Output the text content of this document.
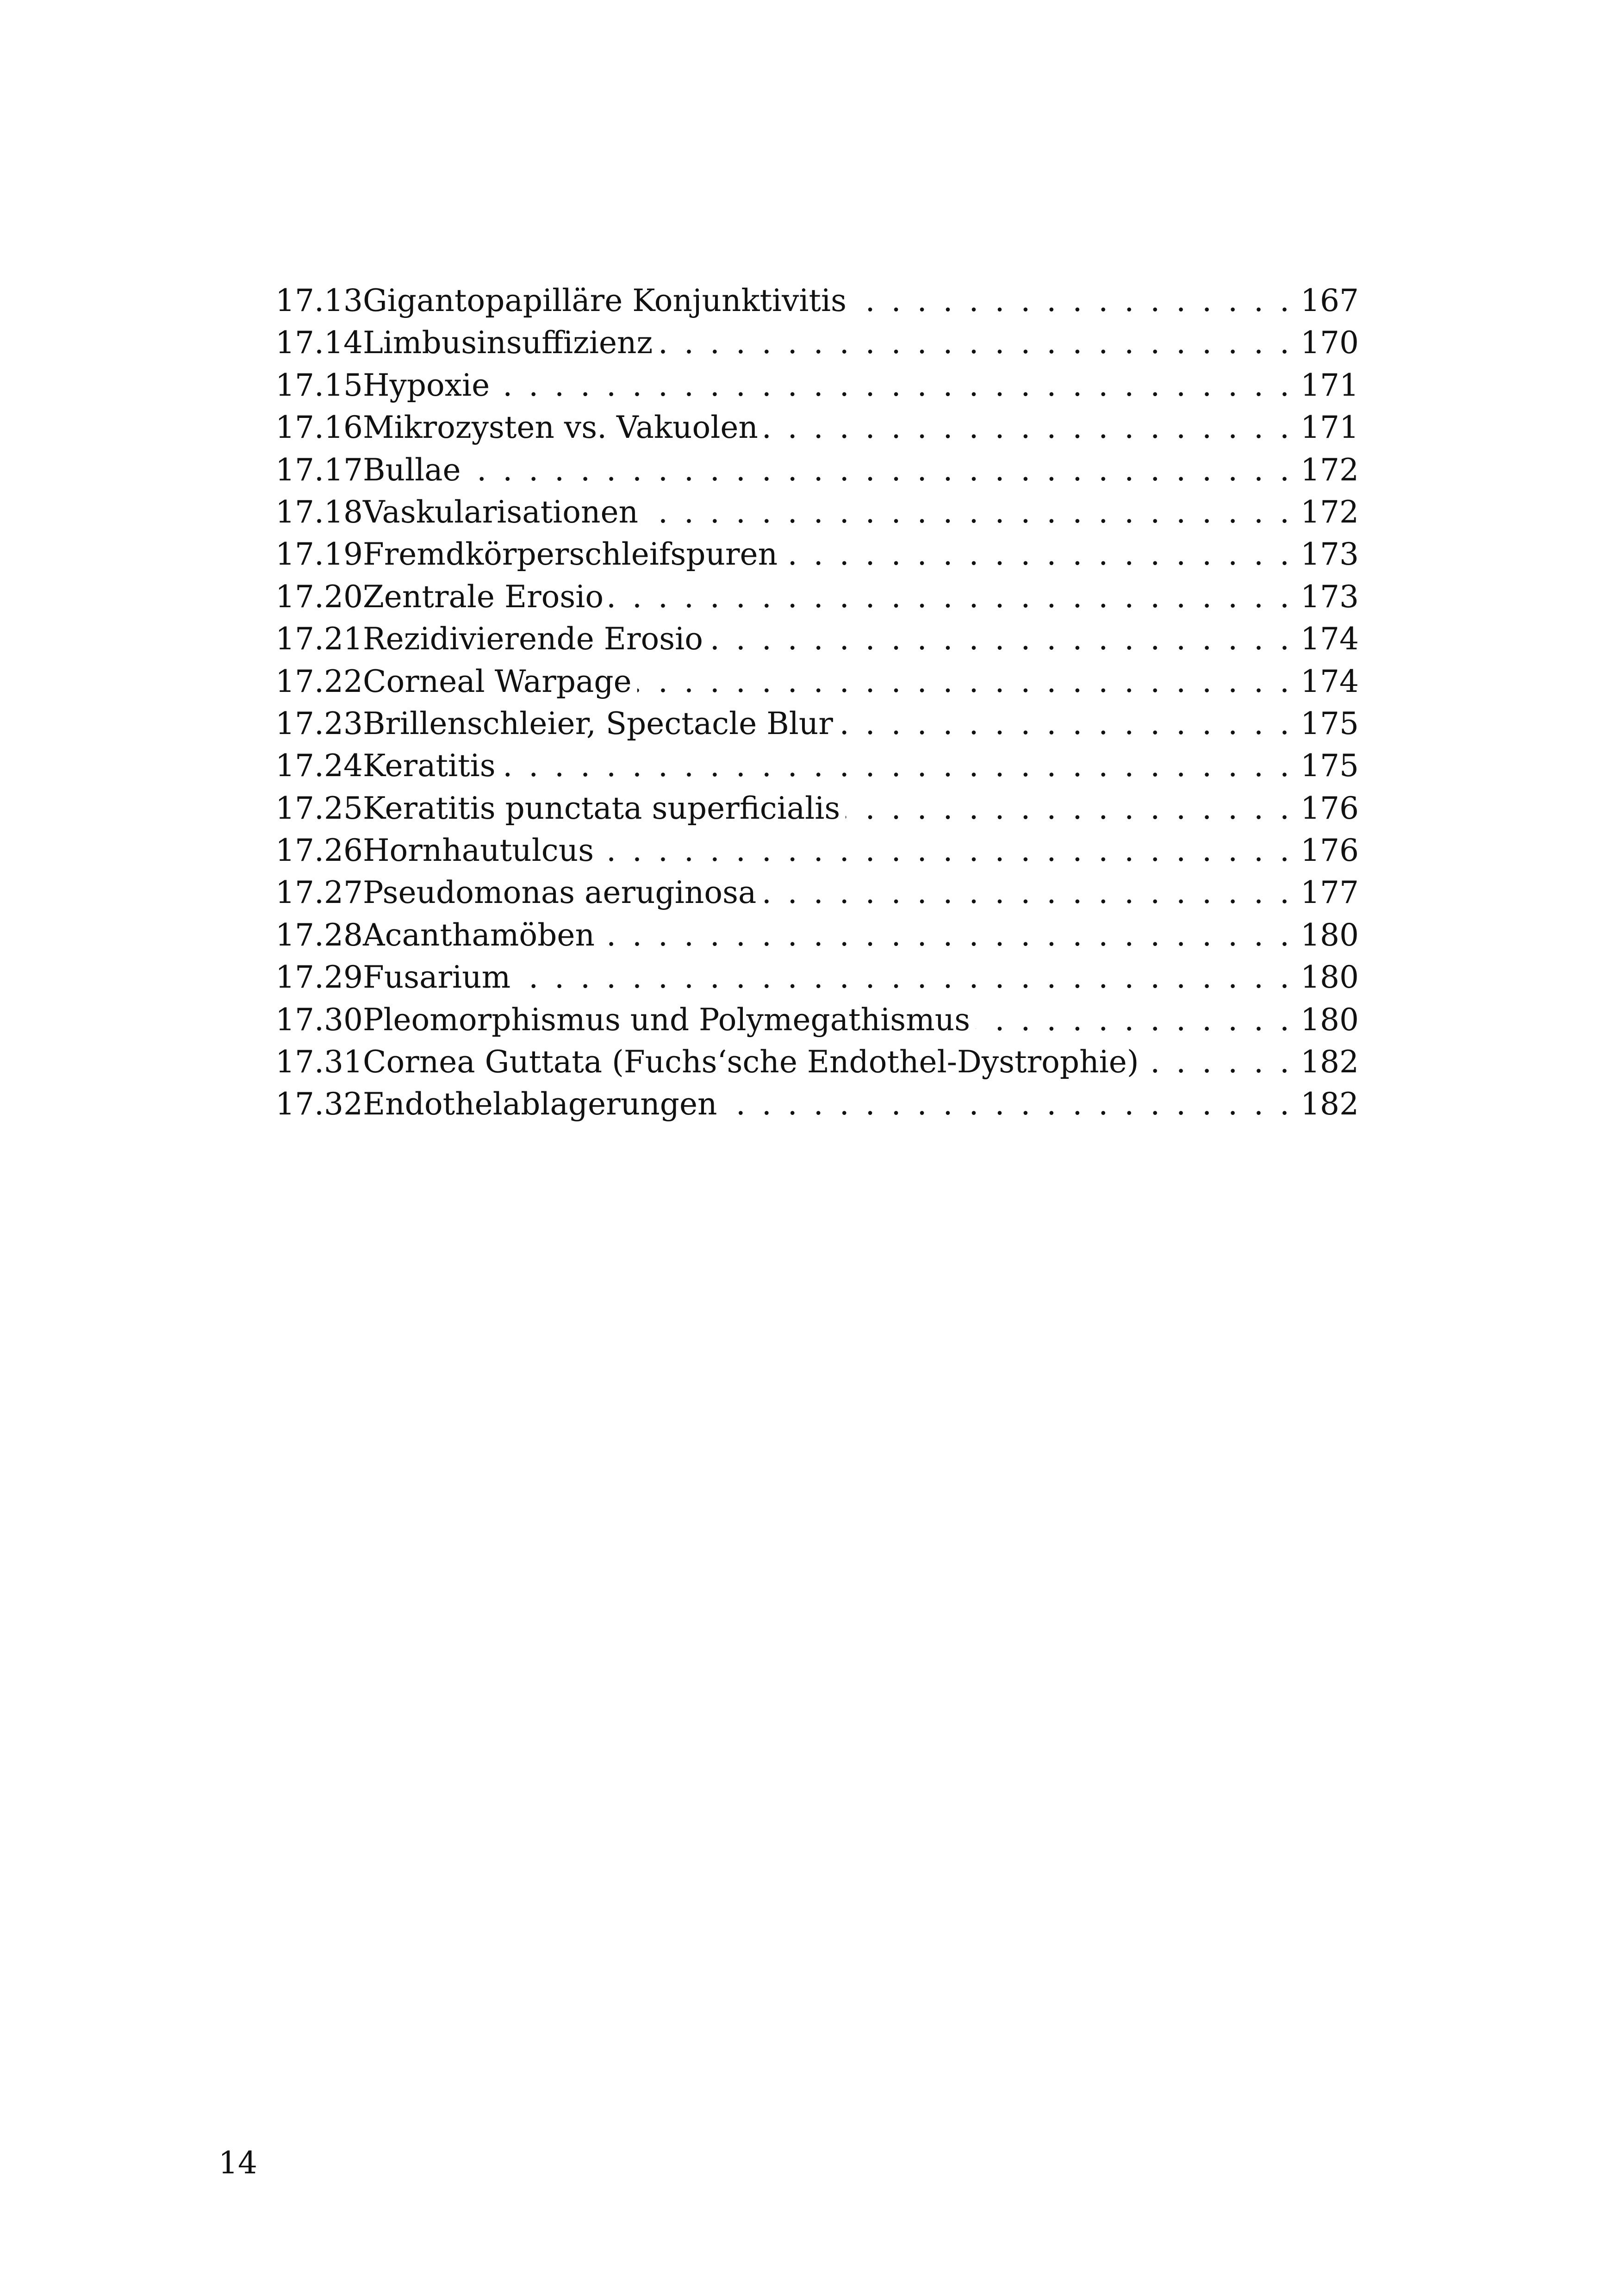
17.13 Gigantopapilläre Konjunktivitis . . .	167
17.14 Limbusinsuffizienz . . .	170
17.15 Hypoxie . . .	171
17.16 Mikrozysten vs. Vakuolen . . .	171
17.17 Bullae . . .	172
17.18 Vaskularisationen . . .	172
17.19 Fremdkörperschleifspuren . . .	173
17.20 Zentrale Erosio . . .	173
17.21 Rezidivierende Erosio . . .	174
17.22 Corneal Warpage . . .	174
17.23 Brillenschleier, Spectacle Blur . . .	175
17.24 Keratitis . . .	175
17.25 Keratitis punctata superficialis . . .	176
17.26 Hornhautulcus . . .	176
17.27 Pseudomonas aeruginosa . . .	177
17.28 Acanthamöben . . .	180
17.29 Fusarium . . .	180
17.30 Pleomorphismus und Polymegathismus . . .	180
17.31 Cornea Guttata (Fuchs‘sche Endothel-Dystrophie) . . .	182
17.32 Endothelablagerungen . . .	182
14
